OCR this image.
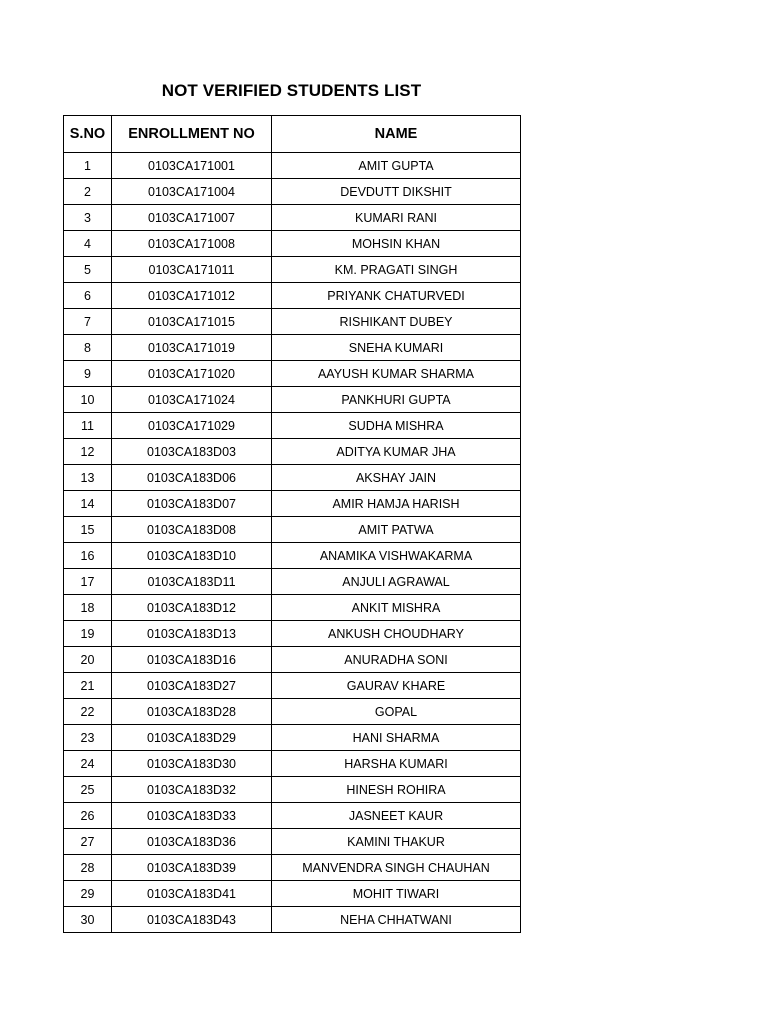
NOT VERIFIED STUDENTS LIST
S.NO	ENROLLMENT NO	NAME
1	0103CA171001	AMIT GUPTA
2	0103CA171004	DEVDUTT DIKSHIT
3	0103CA171007	KUMARI RANI
4	0103CA171008	MOHSIN KHAN
5	0103CA171011	KM. PRAGATI SINGH
6	0103CA171012	PRIYANK CHATURVEDI
7	0103CA171015	RISHIKANT DUBEY
8	0103CA171019	SNEHA KUMARI
9	0103CA171020	AAYUSH KUMAR SHARMA
10	0103CA171024	PANKHURI GUPTA
11	0103CA171029	SUDHA MISHRA
12	0103CA183D03	ADITYA KUMAR JHA
13	0103CA183D06	AKSHAY JAIN
14	0103CA183D07	AMIR HAMJA HARISH
15	0103CA183D08	AMIT PATWA
16	0103CA183D10	ANAMIKA VISHWAKARMA
17	0103CA183D11	ANJULI AGRAWAL
18	0103CA183D12	ANKIT MISHRA
19	0103CA183D13	ANKUSH CHOUDHARY
20	0103CA183D16	ANURADHA SONI
21	0103CA183D27	GAURAV KHARE
22	0103CA183D28	GOPAL
23	0103CA183D29	HANI SHARMA
24	0103CA183D30	HARSHA KUMARI
25	0103CA183D32	HINESH ROHIRA
26	0103CA183D33	JASNEET KAUR
27	0103CA183D36	KAMINI THAKUR
28	0103CA183D39	MANVENDRA SINGH CHAUHAN
29	0103CA183D41	MOHIT TIWARI
30	0103CA183D43	NEHA CHHATWANI
